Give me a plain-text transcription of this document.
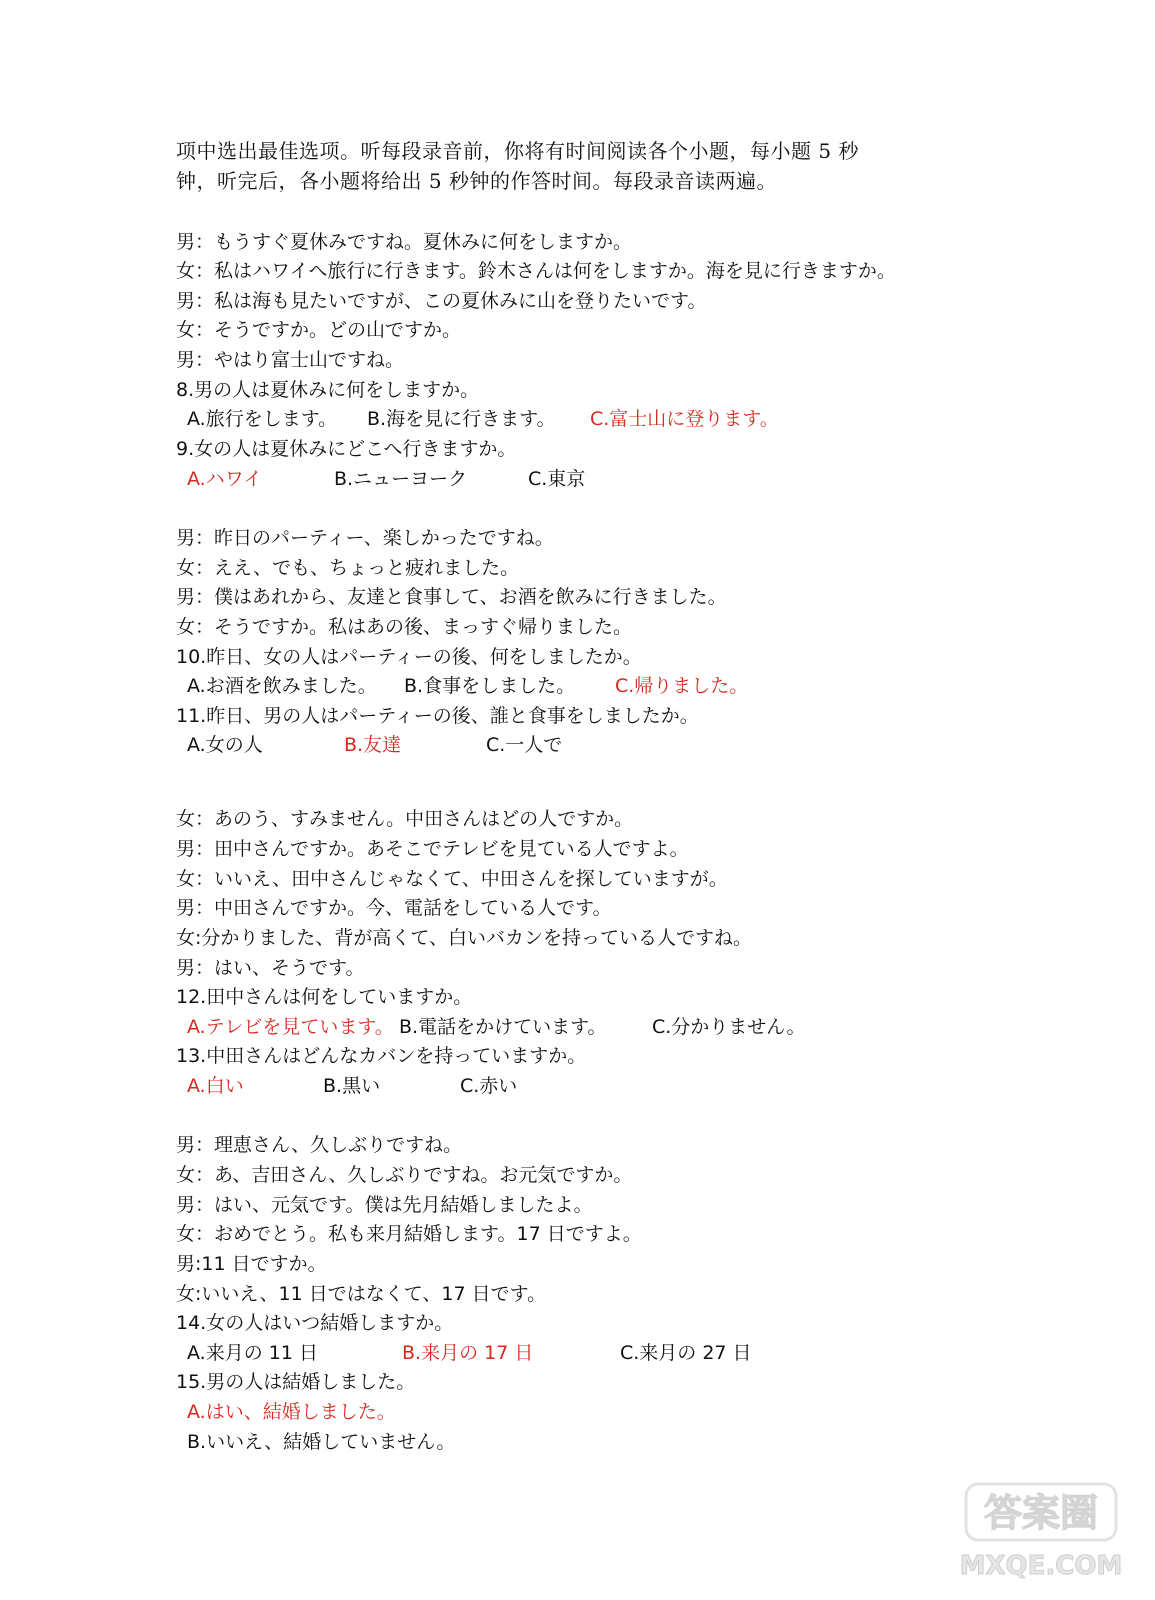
项中选出最佳选项。听每段录音前，你将有时间阅读各个小题，每小题 5 秒

钟，听完后，各小题将给出 5 秒钟的作答时间。每段录音读两遍。

男：もうすぐ夏休みですね。夏休みに何をしますか。
女：私はハワイへ旅行に行きます。鈴木さんは何をしますか。海を見に行きますか。
男：私は海も見たいですが、この夏休みに山を登りたいです。
女：そうですか。どの山ですか。
男：やはり富士山ですね。
8.男の人は夏休みに何をしますか。
A.旅行をします。 B.海を見に行きます。 C.富士山に登ります。
9.女の人は夏休みにどこへ行きますか。
A.ハワイ	B.ニューヨーク	C.東京
男：昨日のパーティー、楽しかったですね。
女：ええ、でも、ちょっと疲れました。
男：僕はあれから、友達と食事して、お酒を飲みに行きました。
女：そうですか。私はあの後、まっすぐ帰りました。
10.昨日、女の人はパーティーの後、何をしましたか。
A.お酒を飲みました。 B.食事をしました。 C.帰りました。
11.昨日、男の人はパーティーの後、誰と食事をしましたか。
A.女の人	B.友達	C.一人で
女：あのう、すみません。中田さんはどの人ですか。
男：田中さんですか。あそこでテレビを見ている人ですよ。
女：いいえ、田中さんじゃなくて、中田さんを探していますが。
男：中田さんですか。今、電話をしている人です。
女:分かりました、背が高くて、白いバカンを持っている人ですね。
男：はい、そうです。
12.田中さんは何をしていますか。
A.テレビを見ています。 B.電話をかけています。 C.分かりません。
13.中田さんはどんなカバンを持っていますか。
A.白い	B.黒い	C.赤い
男：理恵さん、久しぶりですね。
女：あ、吉田さん、久しぶりですね。お元気ですか。
男：はい、元気です。僕は先月結婚しましたよ。
女：おめでとう。私も来月結婚します。17 日ですよ。
男:11 日ですか。
女:いいえ、11 日ではなくて、17 日です。
14.女の人はいつ結婚しますか。
A.来月の 11 日	B.来月の 17 日	C.来月の 27 日
15.男の人は結婚しました。
A.はい、結婚しました。
B.いいえ、結婚していません。
答案圈
MXQE.COM
